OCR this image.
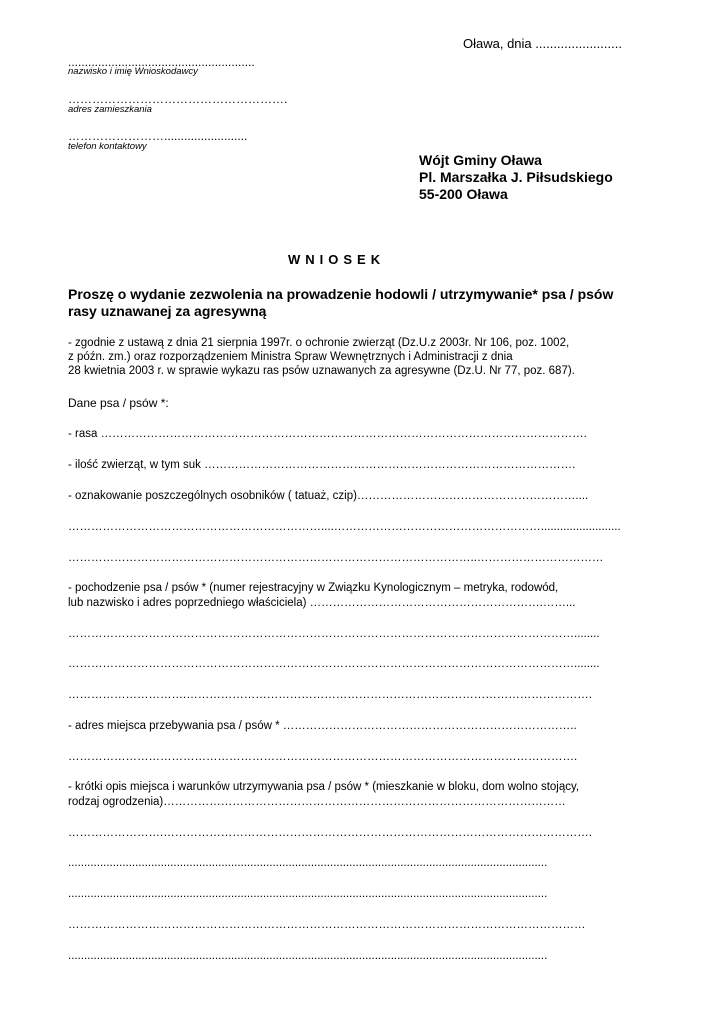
Oława, dnia ........................
........................................................
nazwisko i imię Wnioskodawcy
……………………………………………….
adres zamieszkania
…………………….........................
telefon kontaktowy
Wójt Gminy Oława
Pl. Marszałka J. Piłsudskiego
55-200 Oława
WNIOSEK
Proszę o wydanie zezwolenia na prowadzenie hodowli / utrzymywanie* psa / psów
rasy uznawanej za agresywną
- zgodnie z ustawą z dnia 21 sierpnia 1997r. o ochronie zwierząt (Dz.U.z 2003r. Nr 106, poz. 1002,
z późn. zm.) oraz rozporządzeniem Ministra Spraw Wewnętrznych i Administracji z dnia
28 kwietnia 2003 r. w sprawie wykazu ras psów uznawanych za agresywne (Dz.U. Nr 77, poz. 687).
Dane psa / psów *:
- rasa ……………………………………………………………………………………………………………….
- ilość zwierząt, w tym suk …………………………………………………………………………………….
- oznakowanie poszczególnych osobników ( tatuaż, czip)…………………………………………………....
…………………………………………………………....……………………………………………….........................
……………………………………………………………………………………………..……………………………
- pochodzenie psa / psów * (numer rejestracyjny w Związku Kynologicznym – metryka, rodowód,
lub nazwisko i adres poprzedniego właściciela) …………………………………………………….……...
……………………………………………………………………………………………………………………........
……………………………………………………………………………………………………………………........
………………………….…………………………………………………………………………………………….
- adres miejsca przebywania psa / psów * …………………………………………………………………..
…………………………………………………………………………………………………………………….
- krótki opis miejsca i warunków utrzymywania psa / psów * (mieszkanie w bloku, dom wolno stojący,
rodzaj ogrodzenia)……………………………………………………………………………………………
…………………….………………………………………………………………………………………………….
......................................................................................................................................................
......................................................................................................................................................
………………………………………………………………………………………………………………………
......................................................................................................................................................
